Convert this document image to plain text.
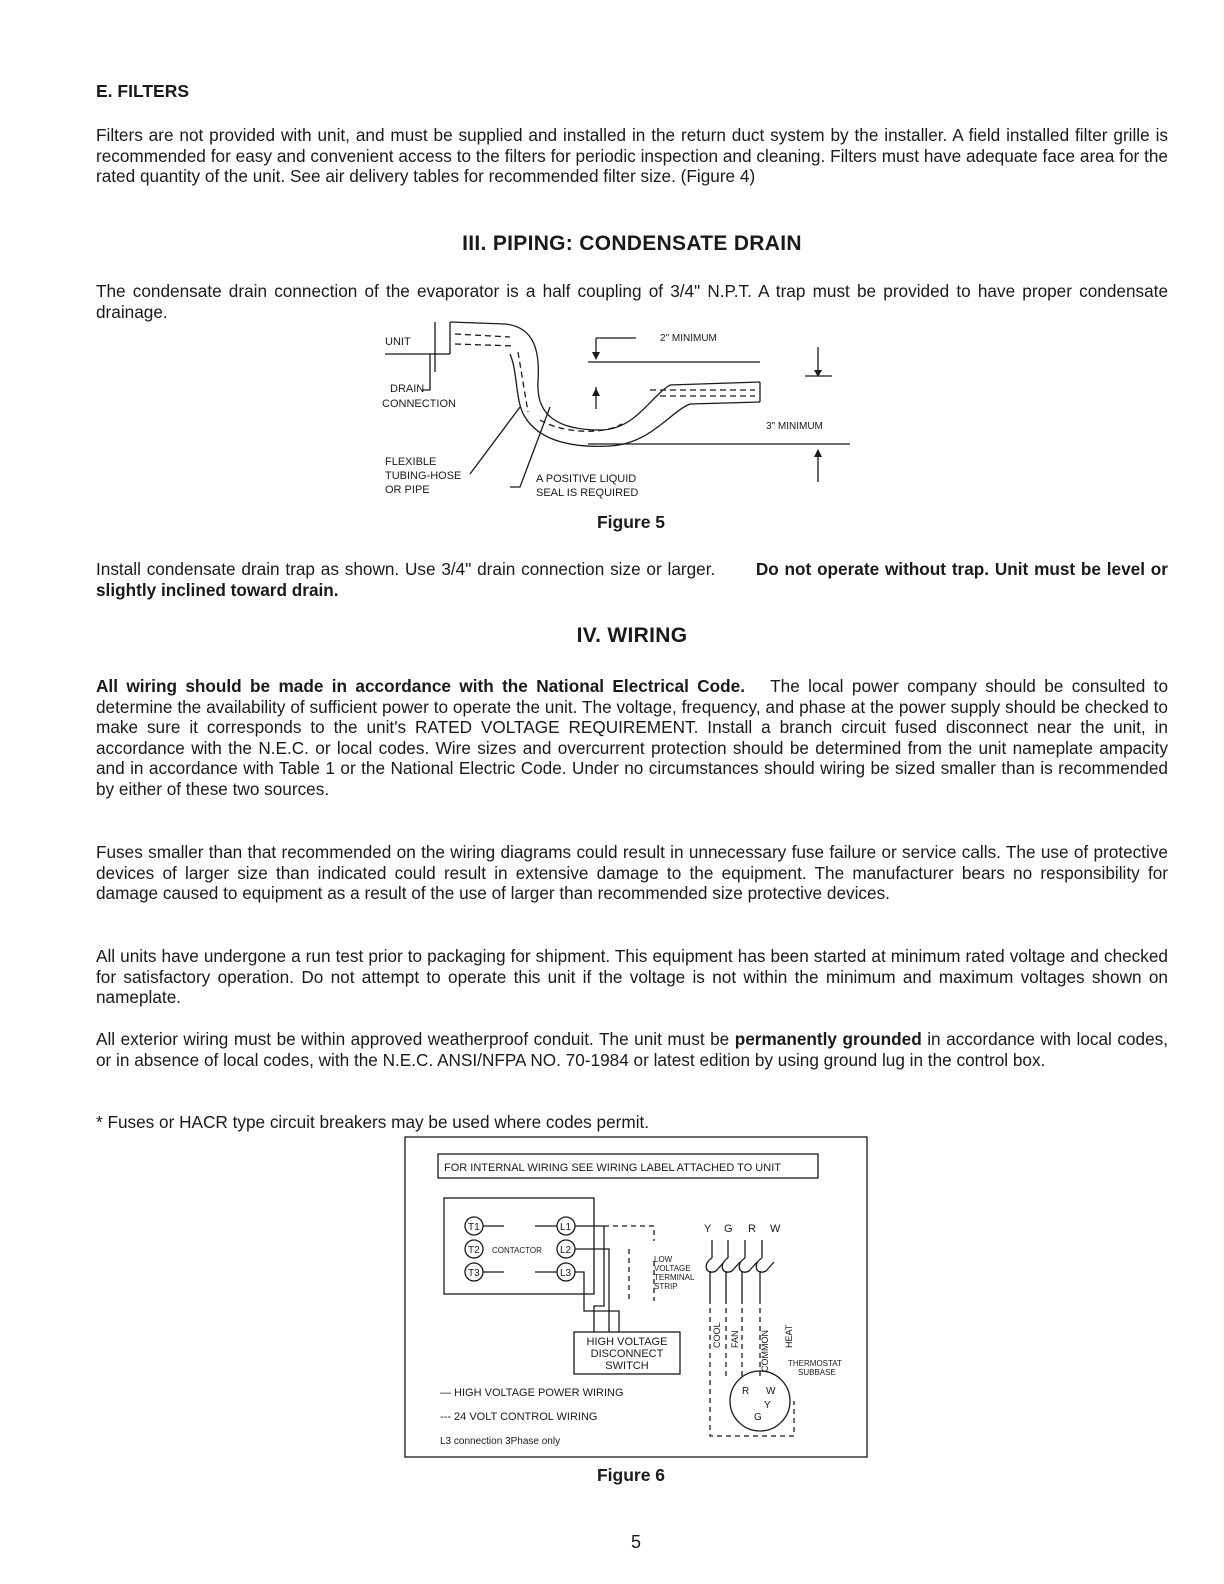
E. FILTERS

Filters are not provided with unit, and must be supplied and installed in the return duct system by the installer. A field installed filter grille is recommended for easy and convenient access to the filters for periodic inspection and cleaning. Filters must have adequate face area for the rated quantity of the unit. See air delivery tables for recommended filter size. (Figure 4)

III. PIPING: CONDENSATE DRAIN

The condensate drain connection of the evaporator is a half coupling of 3/4" N.P.T. A trap must be provided to have proper condensate drainage.

UNIT
DRAIN
CONNECTION
2" MINIMUM
3" MINIMUM
FLEXIBLE
TUBING-HOSE
OR PIPE
A POSITIVE LIQUID
SEAL IS REQUIRED
Figure 5

Install condensate drain trap as shown. Use 3/4" drain connection size or larger. Do not operate without trap. Unit must be level or slightly inclined toward drain.

IV. WIRING

All wiring should be made in accordance with the National Electrical Code. The local power company should be consulted to determine the availability of sufficient power to operate the unit. The voltage, frequency, and phase at the power supply should be checked to make sure it corresponds to the unit's RATED VOLTAGE REQUIREMENT. Install a branch circuit fused disconnect near the unit, in accordance with the N.E.C. or local codes. Wire sizes and overcurrent protection should be determined from the unit nameplate ampacity and in accordance with Table 1 or the National Electric Code. Under no circumstances should wiring be sized smaller than is recommended by either of these two sources.

Fuses smaller than that recommended on the wiring diagrams could result in unnecessary fuse failure or service calls. The use of protective devices of larger size than indicated could result in extensive damage to the equipment. The manufacturer bears no responsibility for damage caused to equipment as a result of the use of larger than recommended size protective devices.

All units have undergone a run test prior to packaging for shipment. This equipment has been started at minimum rated voltage and checked for satisfactory operation. Do not attempt to operate this unit if the voltage is not within the minimum and maximum voltages shown on nameplate.

All exterior wiring must be within approved weatherproof conduit. The unit must be permanently grounded in accordance with local codes, or in absence of local codes, with the N.E.C. ANSI/NFPA NO. 70-1984 or latest edition by using ground lug in the control box.

* Fuses or HACR type circuit breakers may be used where codes permit.

FOR INTERNAL WIRING SEE WIRING LABEL ATTACHED TO UNIT
T1
T2
T3
L1
L2
L3
CONTACTOR
LOW
VOLTAGE
TERMINAL
STRIP
Y G R W
COOL FAN COMMON HEAT
HIGH VOLTAGE
DISCONNECT
SWITCH	THERMOSTAT
SUBBASE
R W
Y
G
— HIGH VOLTAGE POWER WIRING
--- 24 VOLT CONTROL WIRING
L3 connection 3Phase only
Figure 6
5
